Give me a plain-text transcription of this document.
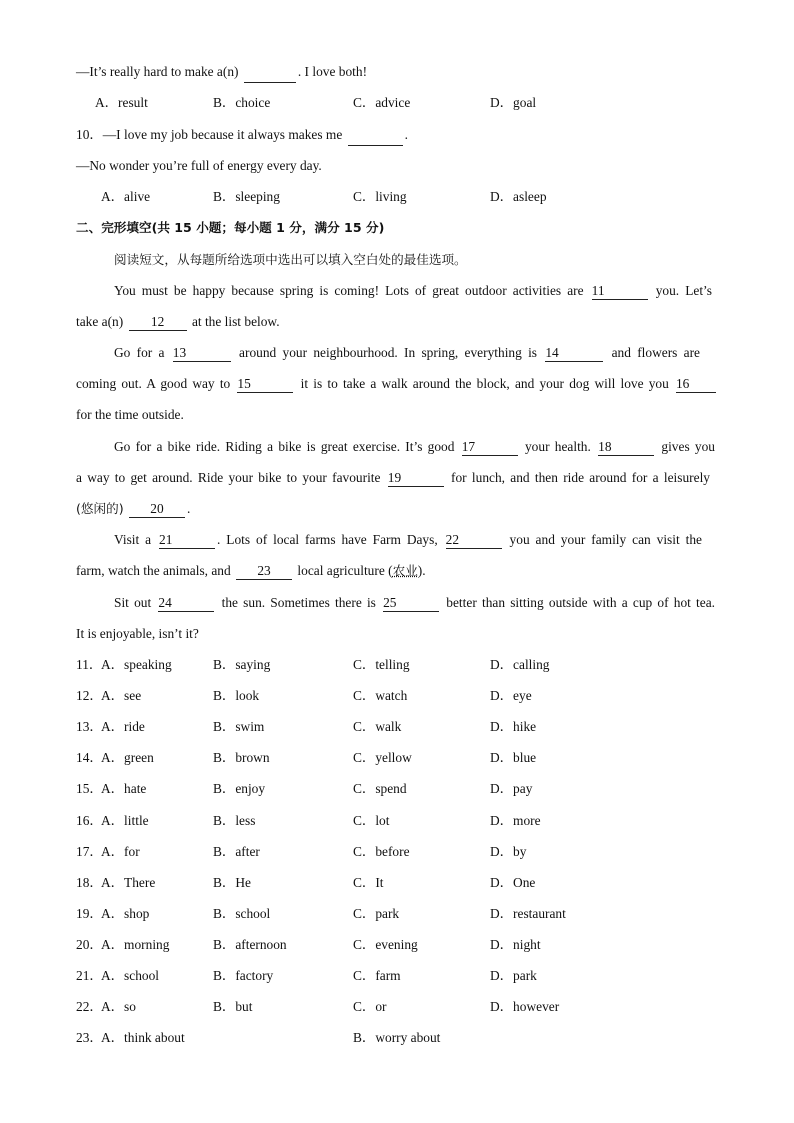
—It’s really hard to make a(n)	. I love both!
A．result	B．choice	C．advice	D．goal
10．—I love my job because it always makes me	.
—No wonder you’re full of energy every day.
A．alive	B．sleeping	C．living	D．asleep
二、完形填空(共 15 小题；每小题 1 分，满分 15 分)
阅读短文，从每题所给选项中选出可以填入空白处的最佳选项。
You must be happy because spring is coming! Lots of great outdoor activities are 11	you. Let’s
take a(n) 12 at the list below.
Go for a 13	around your neighbourhood. In spring, everything is 14	and flowers are
coming out. A good way to 15	it is to take a walk around the block, and your dog will love you 16
for the time outside.
Go for a bike ride. Riding a bike is great exercise. It’s good 17	your health. 18	gives you
a way to get around. Ride your bike to your favourite 19	for lunch, and then ride around for a leisurely
(悠闲的) 20 .
Visit a 21	. Lots of local farms have Farm Days, 22	you and your family can visit the
farm, watch the animals, and 23 local agriculture (农业).
Sit out 24	the sun. Sometimes there is 25	better than sitting outside with a cup of hot tea.
It is enjoyable, isn’t it?
11．
A．speaking	B．saying	C．telling	D．calling
12．
A．see	B．look	C．watch	D．eye
13．
A．ride	B．swim	C．walk	D．hike
14．
A．green	B．brown	C．yellow	D．blue
15．
A．hate	B．enjoy	C．spend	D．pay
16．
A．little	B．less	C．lot	D．more
17．
A．for	B．after	C．before	D．by
18．
A．There	B．He	C．It	D．One
19．
A．shop	B．school	C．park	D．restaurant
20．
A．morning	B．afternoon	C．evening	D．night
21．
A．school	B．factory	C．farm	D．park
22．
A．so	B．but	C．or	D．however
23．
A．think about	B．worry about
